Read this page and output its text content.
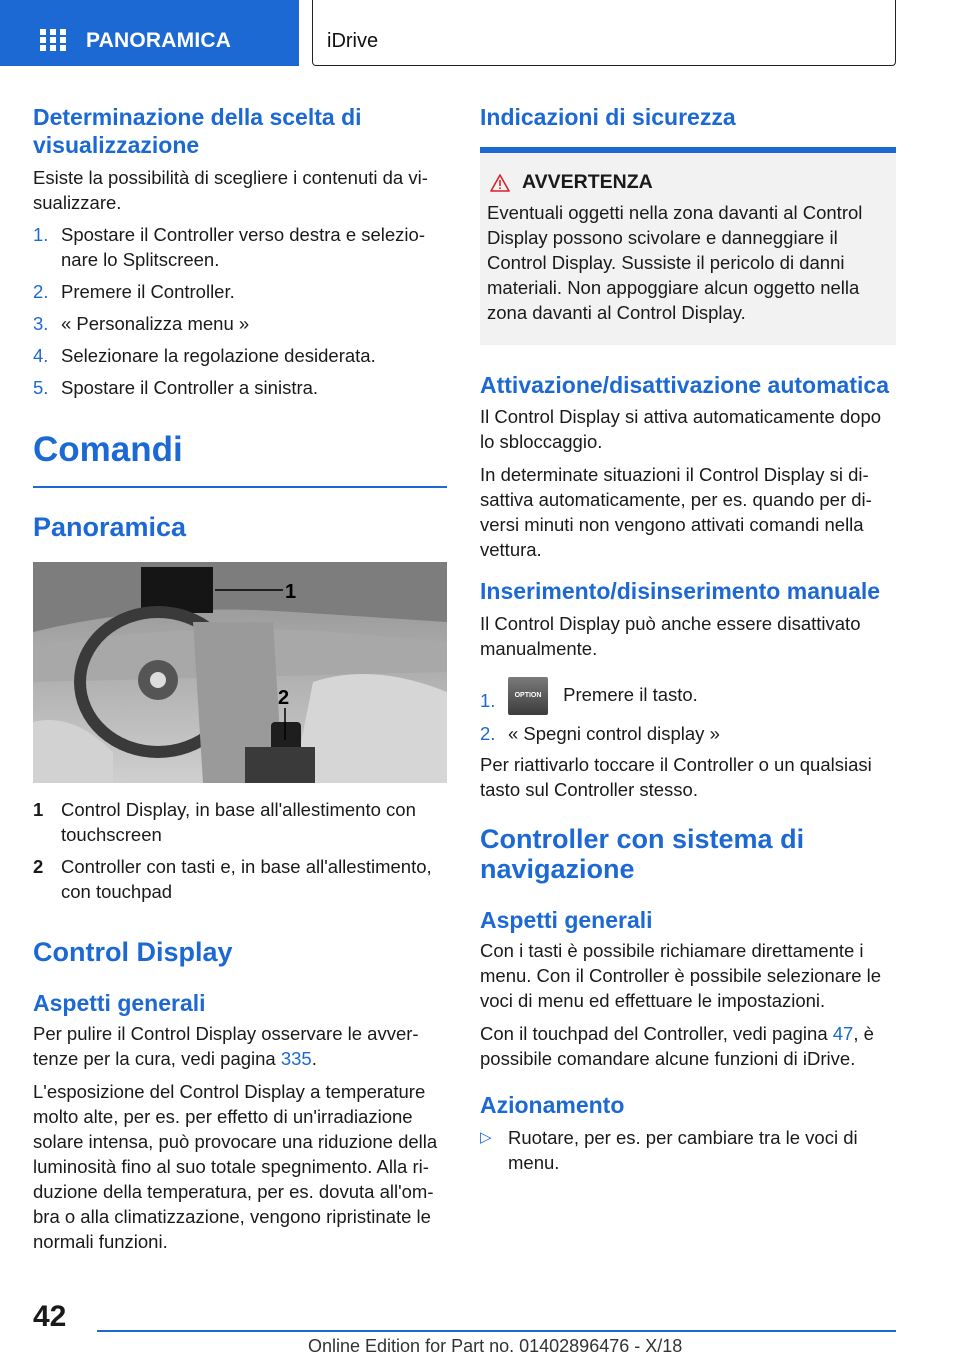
PANORAMICA	iDrive
Determinazione della scelta di visualizzazione
Esiste la possibilità di scegliere i contenuti da visualizzare.
1. Spostare il Controller verso destra e selezionare lo Splitscreen.
2. Premere il Controller.
3. « Personalizza menu »
4. Selezionare la regolazione desiderata.
5. Spostare il Controller a sinistra.
Comandi
Panoramica
1
2
1 Control Display, in base all'allestimento con touchscreen
2 Controller con tasti e, in base all'allestimento, con touchpad
Control Display
Aspetti generali
Per pulire il Control Display osservare le avvertenze per la cura, vedi pagina 335.
L'esposizione del Control Display a temperature molto alte, per es. per effetto di un'irradiazione solare intensa, può provocare una riduzione della luminosità fino al suo totale spegnimento. Alla riduzione della temperatura, per es. dovuta all'ombra o alla climatizzazione, vengono ripristinate le normali funzioni.
Indicazioni di sicurezza
AVVERTENZA
Eventuali oggetti nella zona davanti al Control Display possono scivolare e danneggiare il Control Display. Sussiste il pericolo di danni materiali. Non appoggiare alcun oggetto nella zona davanti al Control Display.
Attivazione/disattivazione automatica
Il Control Display si attiva automaticamente dopo lo sbloccaggio.
In determinate situazioni il Control Display si disattiva automaticamente, per es. quando per diversi minuti non vengono attivati comandi nella vettura.
Inserimento/disinserimento manuale
Il Control Display può anche essere disattivato manualmente.
1.	OPTION Premere il tasto.
2. « Spegni control display »
Per riattivarlo toccare il Controller o un qualsiasi tasto sul Controller stesso.
Controller con sistema di navigazione
Aspetti generali
Con i tasti è possibile richiamare direttamente i menu. Con il Controller è possibile selezionare le voci di menu ed effettuare le impostazioni.
Con il touchpad del Controller, vedi pagina 47, è possibile comandare alcune funzioni di iDrive.
Azionamento
▷ Ruotare, per es. per cambiare tra le voci di menu.
42
Online Edition for Part no. 01402896476 - X/18
